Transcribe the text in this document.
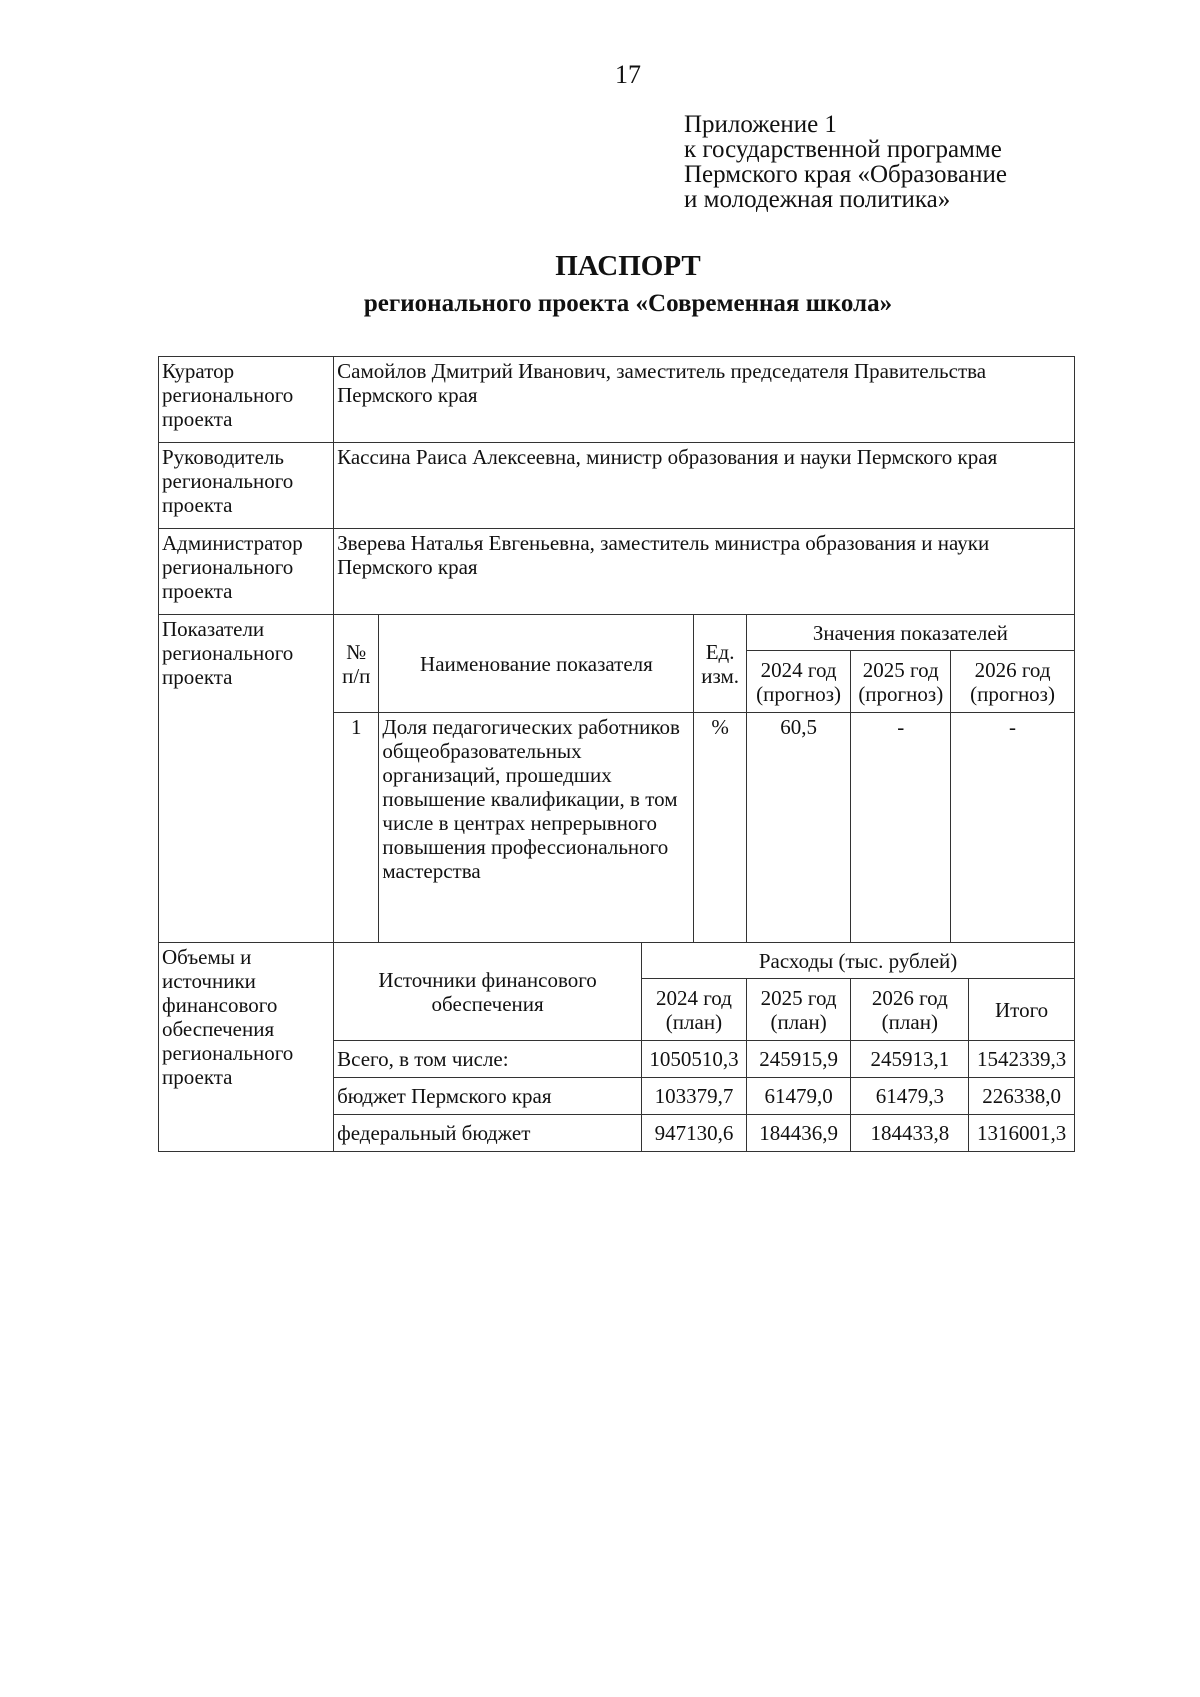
17
Приложение 1
к государственной программе
Пермского края «Образование
и молодежная политика»
ПАСПОРТ
регионального проекта «Современная школа»
Куратор регионального проекта	Самойлов Дмитрий Иванович, заместитель председателя Правительства Пермского края							
Руководитель регионального проекта	Кассина Раиса Алексеевна, министр образования и науки Пермского края							
Администратор регионального проекта	Зверева Наталья Евгеньевна, заместитель министра образования и науки Пермского края							
Показатели регионального проекта	№ п/п	Наименование показателя		Ед. изм.	Значения показателей			
					2024 год (прогноз)	2025 год (прогноз)	2026 год (прогноз)	
	1	Доля педагогических работников общеобразовательных организаций, прошедших повышение квалификации, в том числе в центрах непрерывного повышения профессионального мастерства		%	60,5	-	-	
Объемы и источники финансового обеспечения регионального проекта	Источники финансового обеспечения		Расходы (тыс. рублей)					
			2024 год (план)		2025 год (план)	2026 год (план)		Итого
	Всего, в том числе:		1050510,3		245915,9	245913,1		1542339,3
	бюджет Пермского края		103379,7		61479,0	61479,3		226338,0
	федеральный бюджет		947130,6		184436,9	184433,8		1316001,3
